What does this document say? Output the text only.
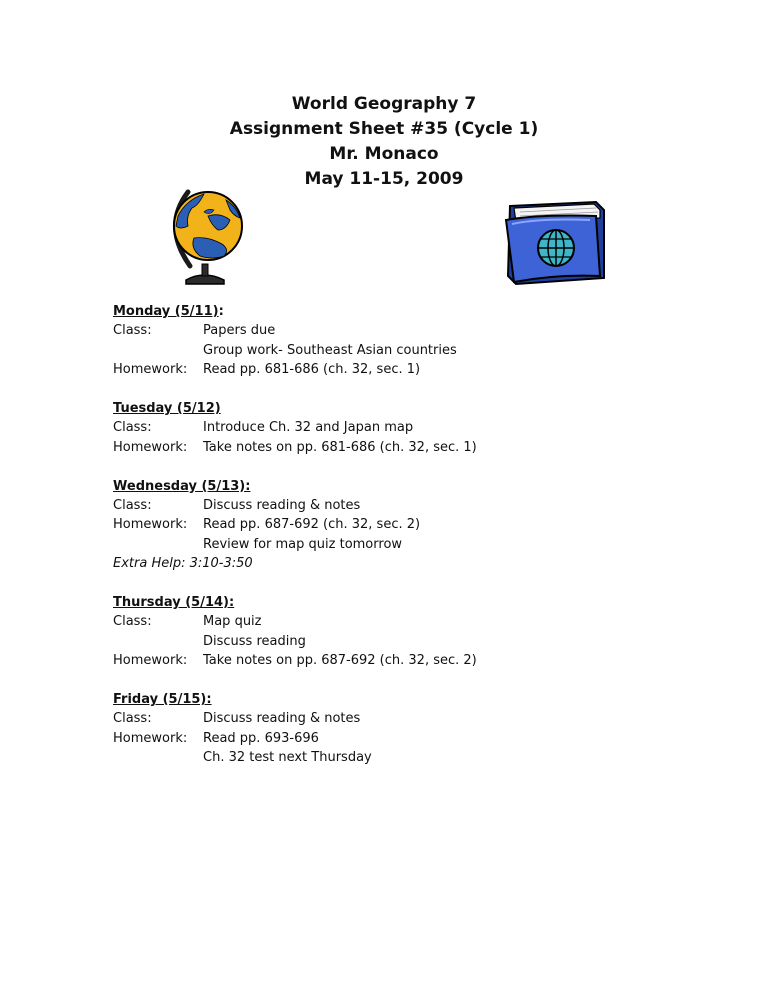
World Geography 7
Assignment Sheet #35 (Cycle 1)
Mr. Monaco
May 11-15, 2009
Monday (5/11):
Class:	Papers due
Group work- Southeast Asian countries
Homework:	Read pp. 681-686 (ch. 32, sec. 1)
Tuesday (5/12)
Class:	Introduce Ch. 32 and Japan map
Homework:	Take notes on pp. 681-686 (ch. 32, sec. 1)
Wednesday (5/13):
Class:	Discuss reading & notes
Homework:	Read pp. 687-692 (ch. 32, sec. 2)
Review for map quiz tomorrow
Extra Help: 3:10-3:50
Thursday (5/14):
Class:	Map quiz
Discuss reading
Homework:	Take notes on pp. 687-692 (ch. 32, sec. 2)
Friday (5/15):
Class:	Discuss reading & notes
Homework:	Read pp. 693-696
Ch. 32 test next Thursday
